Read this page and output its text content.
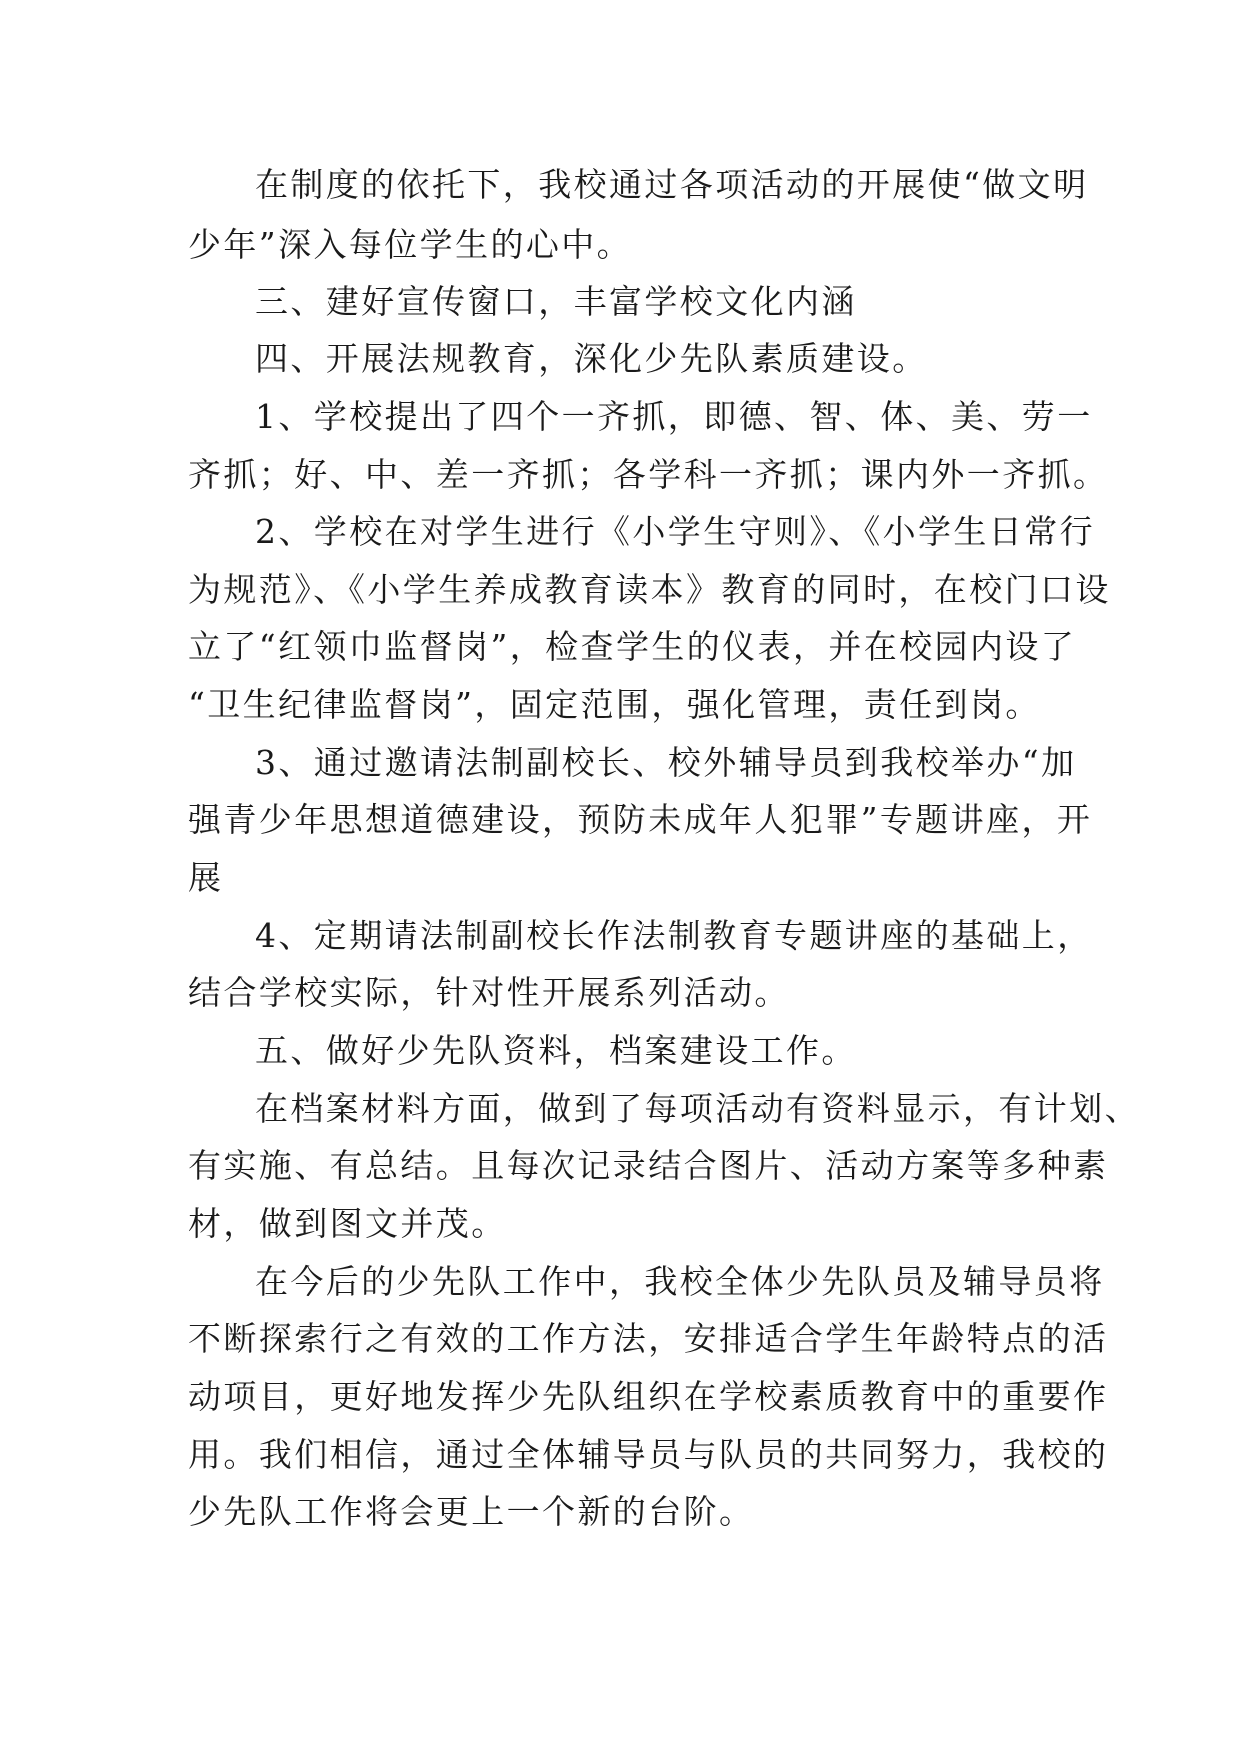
在制度的依托下，我校通过各项活动的开展使“做文明
少年”深入每位学生的心中。
三、建好宣传窗口，丰富学校文化内涵
四、开展法规教育，深化少先队素质建设。
1、学校提出了四个一齐抓，即德、智、体、美、劳一
齐抓；好、中、差一齐抓；各学科一齐抓；课内外一齐抓。
2、学校在对学生进行《小学生守则》、《小学生日常行
为规范》、《小学生养成教育读本》教育的同时，在校门口设
立了“红领巾监督岗”，检查学生的仪表，并在校园内设了
“卫生纪律监督岗”，固定范围，强化管理，责任到岗。
3、通过邀请法制副校长、校外辅导员到我校举办“加
强青少年思想道德建设，预防未成年人犯罪”专题讲座，开
展
4、定期请法制副校长作法制教育专题讲座的基础上，
结合学校实际，针对性开展系列活动。
五、做好少先队资料，档案建设工作。
在档案材料方面，做到了每项活动有资料显示，有计划、
有实施、有总结。且每次记录结合图片、活动方案等多种素
材，做到图文并茂。
在今后的少先队工作中，我校全体少先队员及辅导员将
不断探索行之有效的工作方法，安排适合学生年龄特点的活
动项目，更好地发挥少先队组织在学校素质教育中的重要作
用。我们相信，通过全体辅导员与队员的共同努力，我校的
少先队工作将会更上一个新的台阶。
